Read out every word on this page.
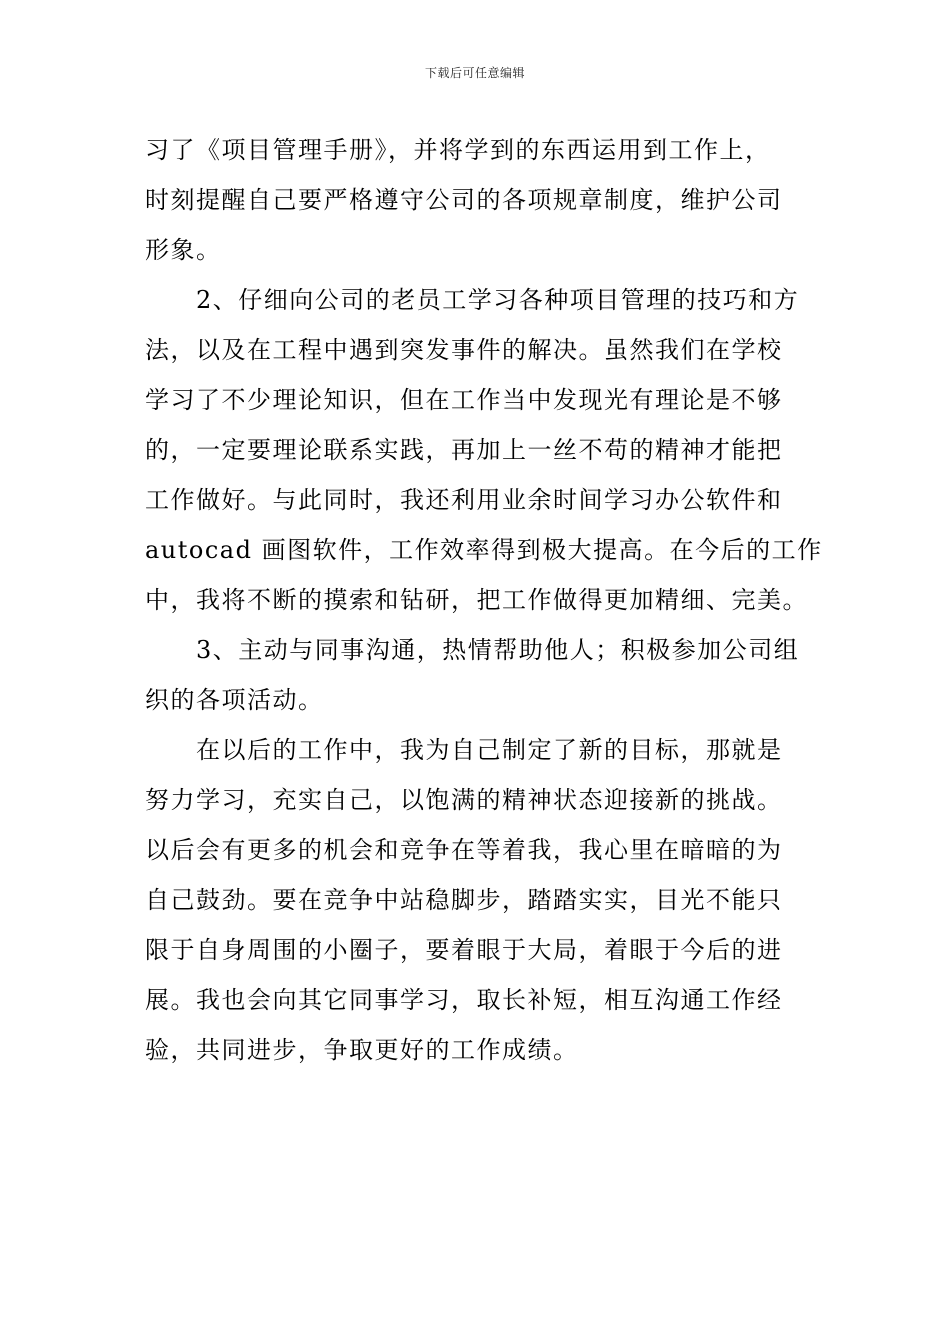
下载后可任意编辑
习了《项目管理手册》，并将学到的东西运用到工作上，
时刻提醒自己要严格遵守公司的各项规章制度，维护公司
形象。
　　2、仔细向公司的老员工学习各种项目管理的技巧和方
法，以及在工程中遇到突发事件的解决。虽然我们在学校
学习了不少理论知识，但在工作当中发现光有理论是不够
的，一定要理论联系实践，再加上一丝不苟的精神才能把
工作做好。与此同时，我还利用业余时间学习办公软件和
autocad 画图软件，工作效率得到极大提高。在今后的工作
中，我将不断的摸索和钻研，把工作做得更加精细、完美。
　　3、主动与同事沟通，热情帮助他人；积极参加公司组
织的各项活动。
　　在以后的工作中，我为自己制定了新的目标，那就是
努力学习，充实自己，以饱满的精神状态迎接新的挑战。
以后会有更多的机会和竞争在等着我，我心里在暗暗的为
自己鼓劲。要在竞争中站稳脚步，踏踏实实，目光不能只
限于自身周围的小圈子，要着眼于大局，着眼于今后的进
展。我也会向其它同事学习，取长补短，相互沟通工作经
验，共同进步，争取更好的工作成绩。
